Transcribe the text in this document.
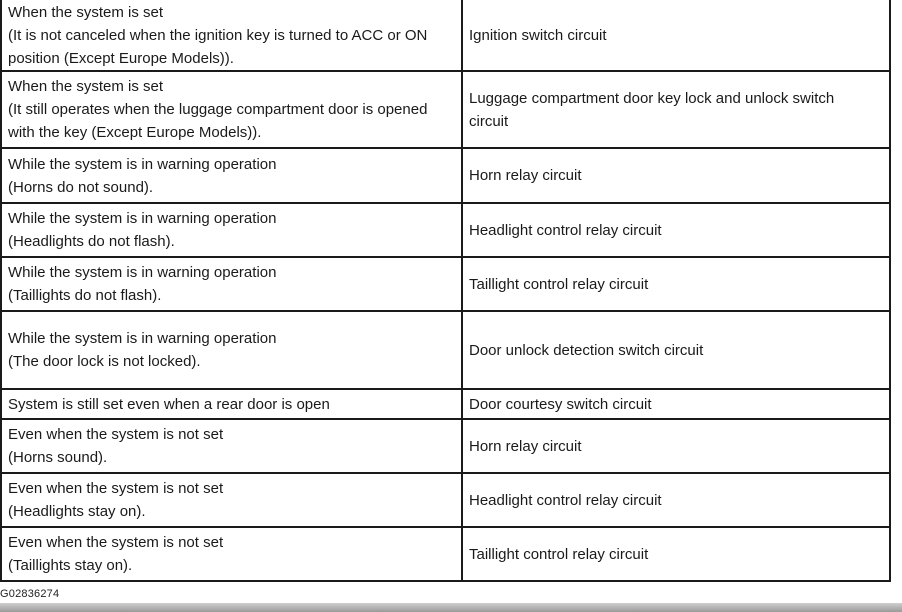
When the system is set
(It is not canceled when the ignition key is turned to ACC or ON
position (Except Europe Models)).	Ignition switch circuit

When the system is set
(It still operates when the luggage compartment door is opened
with the key (Except Europe Models)).	Luggage compartment door key lock and unlock switch
circuit

While the system is in warning operation
(Horns do not sound).	Horn relay circuit

While the system is in warning operation
(Headlights do not flash).	Headlight control relay circuit

While the system is in warning operation
(Taillights do not flash).	Taillight control relay circuit

While the system is in warning operation
(The door lock is not locked).	Door unlock detection switch circuit

System is still set even when a rear door is open	Door courtesy switch circuit

Even when the system is not set
(Horns sound).	Horn relay circuit

Even when the system is not set
(Headlights stay on).	Headlight control relay circuit

Even when the system is not set
(Taillights stay on).	Taillight control relay circuit
G02836274
